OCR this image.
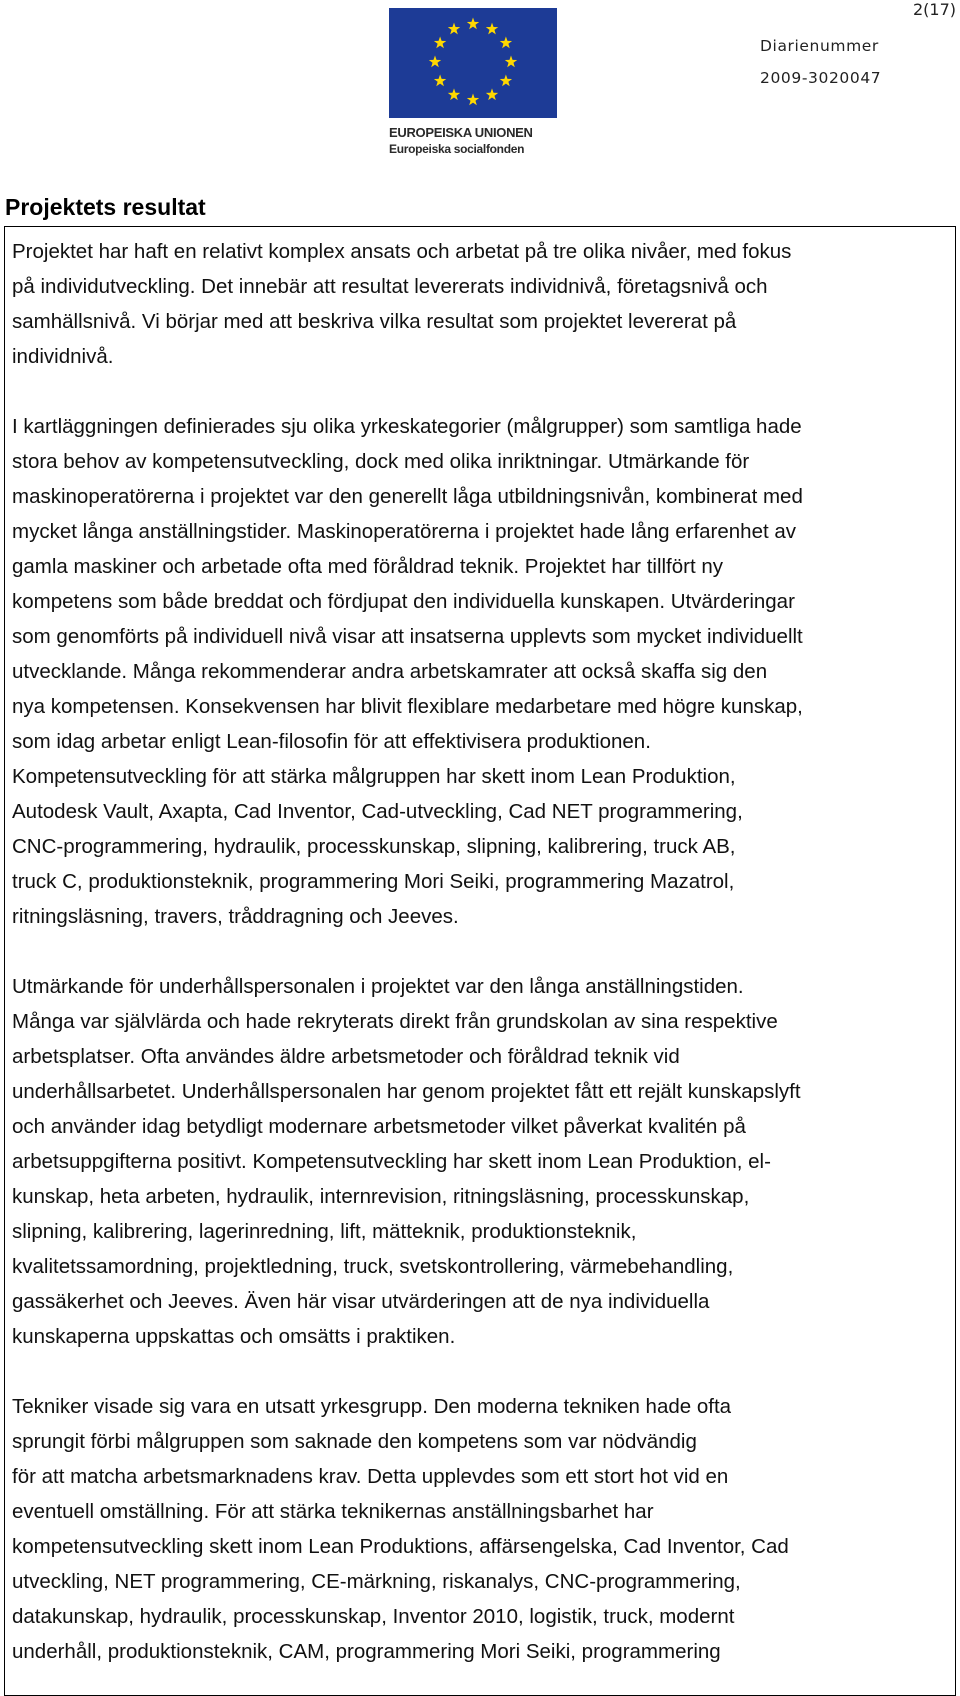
2(17)
EUROPEISKA UNIONEN
Europeiska socialfonden
Diarienummer
2009-3020047
Projektets resultat

Projektet har haft en relativt komplex ansats och arbetat på tre olika nivåer, med fokus

på individutveckling. Det innebär att resultat levererats individnivå, företagsnivå och

samhällsnivå. Vi börjar med att beskriva vilka resultat som projektet levererat på

individnivå.

I kartläggningen definierades sju olika yrkeskategorier (målgrupper) som samtliga hade

stora behov av kompetensutveckling, dock med olika inriktningar. Utmärkande för

maskinoperatörerna i projektet var den generellt låga utbildningsnivån, kombinerat med

mycket långa anställningstider. Maskinoperatörerna i projektet hade lång erfarenhet av

gamla maskiner och arbetade ofta med föråldrad teknik. Projektet har tillfört ny

kompetens som både breddat och fördjupat den individuella kunskapen. Utvärderingar

som genomförts på individuell nivå visar att insatserna upplevts som mycket individuellt

utvecklande. Många rekommenderar andra arbetskamrater att också skaffa sig den

nya kompetensen. Konsekvensen har blivit flexiblare medarbetare med högre kunskap,

som idag arbetar enligt Lean-filosofin för att effektivisera produktionen.

Kompetensutveckling för att stärka målgruppen har skett inom Lean Produktion,

Autodesk Vault, Axapta, Cad Inventor, Cad-utveckling, Cad NET programmering,

CNC-programmering, hydraulik, processkunskap, slipning, kalibrering, truck AB,

truck C, produktionsteknik, programmering Mori Seiki, programmering Mazatrol,

ritningsläsning, travers, tråddragning och Jeeves.

Utmärkande för underhållspersonalen i projektet var den långa anställningstiden.

Många var självlärda och hade rekryterats direkt från grundskolan av sina respektive

arbetsplatser. Ofta användes äldre arbetsmetoder och föråldrad teknik vid

underhållsarbetet. Underhållspersonalen har genom projektet fått ett rejält kunskapslyft

och använder idag betydligt modernare arbetsmetoder vilket påverkat kvalitén på

arbetsuppgifterna positivt. Kompetensutveckling har skett inom Lean Produktion, el-

kunskap, heta arbeten, hydraulik, internrevision, ritningsläsning, processkunskap,

slipning, kalibrering, lagerinredning, lift, mätteknik, produktionsteknik,

kvalitetssamordning, projektledning, truck, svetskontrollering, värmebehandling,

gassäkerhet och Jeeves. Även här visar utvärderingen att de nya individuella

kunskaperna uppskattas och omsätts i praktiken.

Tekniker visade sig vara en utsatt yrkesgrupp. Den moderna tekniken hade ofta

sprungit förbi målgruppen som saknade den kompetens som var nödvändig

för att matcha arbetsmarknadens krav. Detta upplevdes som ett stort hot vid en

eventuell omställning. För att stärka teknikernas anställningsbarhet har

kompetensutveckling skett inom Lean Produktions, affärsengelska, Cad Inventor, Cad

utveckling, NET programmering, CE-märkning, riskanalys, CNC-programmering,

datakunskap, hydraulik, processkunskap, Inventor 2010, logistik, truck, modernt

underhåll, produktionsteknik, CAM, programmering Mori Seiki, programmering
